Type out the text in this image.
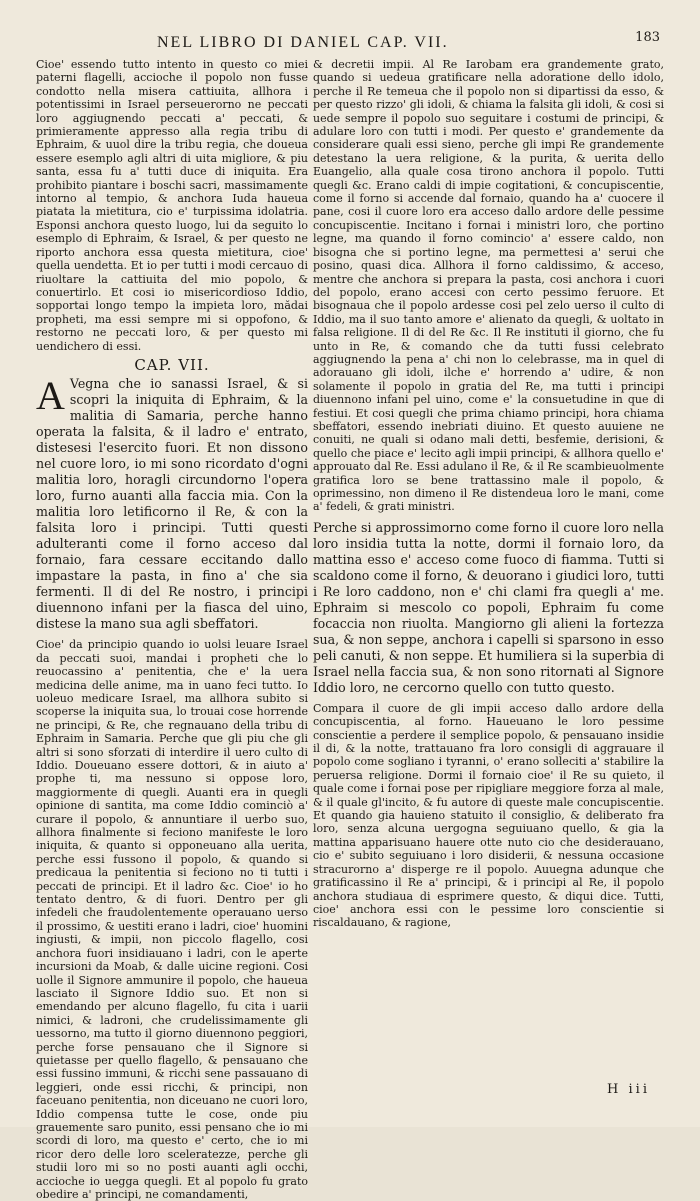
NEL LIBRO DI DANIEL CAP. VII.	183

Cioe' essendo tutto intento in questo co miei paterni flagelli, accioche il popolo non fusse condotto nella misera cattiuita, allhora i potentissimi in Israel perseuerorno ne peccati loro aggiugnendo peccati a' peccati, & primieramente appresso alla regia tribu di Ephraim, & uuol dire la tribu regia, che doueua essere esemplo agli altri di uita migliore, & piu santa, essa fu a' tutti duce di iniquita. Era prohibito piantare i boschi sacri, massimamente intorno al tempio, & anchora Iuda haueua piatata la mietitura, cio e' turpissima idolatria. Esponsi anchora questo luogo, lui da seguito lo esemplo di Ephraim, & Israel, & per questo ne riporto anchora essa questa mietitura, cioe' quella uendetta. Et io per tutti i modi cercauo di riuoltare la cattiuita del mio popolo, & conuertirlo. Et cosi io misericordioso Iddio, sopportai longo tempo la impieta loro, mădai propheti, ma essi sempre mi si oppofono, & restorno ne peccati loro, & per questo mi uendichero di essi.

CAP. VII.

A Vegna che io sanassi Israel, & si scopri la iniquita di Ephraim, & la malitia di Samaria, perche hanno operata la falsita, & il ladro e' entrato, distesesi l'esercito fuori. Et non dissono nel cuore loro, io mi sono ricordato d'ogni malitia loro, horagli circundorno l'opera loro, furno auanti alla faccia mia. Con la malitia loro letificorno il Re, & con la falsita loro i principi. Tutti questi adulteranti come il forno acceso dal fornaio, fara cessare eccitando dallo impastare la pasta, in fino a' che sia fermenti. Il di del Re nostro, i principi diuennono infani per la fiasca del uino, distese la mano sua agli sbeffatori.

Cioe' da principio quando io uolsi leuare Israel da peccati suoi, mandai i propheti che lo reuocassino a' penitentia, che e' la uera medicina delle anime, ma in uano feci tutto. Io uoleuo medicare Israel, ma allhora subito si scoperse la iniquita sua, lo trouai cose horrende ne principi, & Re, che regnauano della tribu di Ephraim in Samaria. Perche que gli piu che gli altri si sono sforzati di interdire il uero culto di Iddio. Doueuano essere dottori, & in aiuto a' prophe ti, ma nessuno si oppose loro, maggiormente di quegli. Auanti era in quegli opinione di santita, ma come Iddio cominciò a' curare il popolo, & annuntiare il uerbo suo, allhora finalmente si feciono manifeste le loro iniquita, & quanto si opponeuano alla uerita, perche essi fussono il popolo, & quando si predicaua la penitentia si feciono no ti tutti i peccati de principi. Et il ladro &c. Cioe' io ho tentato dentro, & di fuori. Dentro per gli infedeli che fraudolentemente operauano uerso il prossimo, & uestiti erano i ladri, cioe' huomini ingiusti, & impii, non piccolo flagello, cosi anchora fuori insidiauano i ladri, con le aperte incursioni da Moab, & dalle uicine regioni. Cosi uolle il Signore ammunire il popolo, che haueua lasciato il Signore Iddio suo. Et non si emendando per alcuno flagello, fu cita i uarii nimici, & ladroni, che crudelissimamente gli uessorno, ma tutto il giorno diuennono peggiori, perche forse pensauano che il Signore si quietasse per quello flagello, & pensauano che essi fussino immuni, & ricchi sene passauano di leggieri, onde essi ricchi, & principi, non faceuano penitentia, non diceuano ne cuori loro, Iddio compensa tutte le cose, onde piu grauemente saro punito, essi pensano che io mi scordi di loro, ma questo e' certo, che io mi ricor dero delle loro sceleratezze, perche gli studii loro mi so no posti auanti agli occhi, accioche io uegga quegli. Et al popolo fu grato obedire a' principi, ne comandamenti,

& decretii impii. Al Re Iarobam era grandemente grato, quando si uedeua gratificare nella adoratione dello idolo, perche il Re temeua che il popolo non si dipartissi da esso, & per questo rizzo' gli idoli, & chiama la falsita gli idoli, & cosi si uede sempre il popolo suo seguitare i costumi de principi, & adulare loro con tutti i modi. Per questo e' grandemente da considerare quali essi sieno, perche gli impi Re grandemente detestano la uera religione, & la purita, & uerita dello Euangelio, alla quale cosa tirono anchora il popolo. Tutti quegli &c. Erano caldi di impie cogitationi, & concupiscentie, come il forno si accende dal fornaio, quando ha a' cuocere il pane, cosi il cuore loro era acceso dallo ardore delle pessime concupiscentie. Incitano i fornai i ministri loro, che portino legne, ma quando il forno comincio' a' essere caldo, non bisogna che si portino legne, ma permettesi a' serui che posino, quasi dica. Allhora il forno caldissimo, & acceso, mentre che anchora si prepara la pasta, cosi anchora i cuori del popolo, erano accesi con certo pessimo feruore. Et bisognaua che il popolo ardesse cosi pel zelo uerso il culto di Iddio, ma il suo tanto amore e' alienato da quegli, & uoltato in falsa religione. Il di del Re &c. Il Re instituti il giorno, che fu unto in Re, & comando che da tutti fussi celebrato aggiugnendo la pena a' chi non lo celebrasse, ma in quel di adorauano gli idoli, ilche e' horrendo a' udire, & non solamente il popolo in gratia del Re, ma tutti i principi diuennono infani pel uino, come e' la consuetudine in que di festiui. Et cosi quegli che prima chiamo principi, hora chiama sbeffatori, essendo inebriati diuino. Et questo auuiene ne conuiti, ne quali si odano mali detti, besfemie, derisioni, & quello che piace e' lecito agli impii principi, & allhora quello e' approuato dal Re. Essi adulano il Re, & il Re scambieuolmente gratifica loro se bene trattassino male il popolo, & oprimessino, non dimeno il Re distendeua loro le mani, come a' fedeli, & grati ministri.

Perche si approssimorno come forno il cuore loro nella loro insidia tutta la notte, dormi il fornaio loro, da mattina esso e' acceso come fuoco di fiamma. Tutti si scaldono come il forno, & deuorano i giudici loro, tutti i Re loro caddono, non e' chi clami fra quegli a' me. Ephraim si mescolo co popoli, Ephraim fu come focaccia non riuolta. Mangiorno gli alieni la fortezza sua, & non seppe, anchora i capelli si sparsono in esso peli canuti, & non seppe. Et humiliera si la superbia di Israel nella faccia sua, & non sono ritornati al Signore Iddio loro, ne cercorno quello con tutto questo.

Compara il cuore de gli impii acceso dallo ardore della concupiscentia, al forno. Haueuano le loro pessime conscientie a perdere il semplice popolo, & pensauano insidie il di, & la notte, trattauano fra loro consigli di aggrauare il popolo come sogliano i tyranni, o' erano solleciti a' stabilire la peruersa religione. Dormi il fornaio cioe' il Re su quieto, il quale come i fornai pose per ripigliare meggiore forza al male, & il quale gl'incito, & fu autore di queste male concupiscentie. Et quando gia hauieno statuito il consiglio, & deliberato fra loro, senza alcuna uergogna seguiuano quello, & gia la mattina apparisuano hauere otte nuto cio che desiderauano, cio e' subito seguiuano i loro disiderii, & nessuna occasione stracurorno a' disperge re il popolo. Auuegna adunque che gratificassino il Re a' principi, & i principi al Re, il popolo anchora studiaua di esprimere questo, & diqui dice. Tutti, cioe' anchora essi con le pessime loro conscientie si riscaldauano, & ragione,

H iii
